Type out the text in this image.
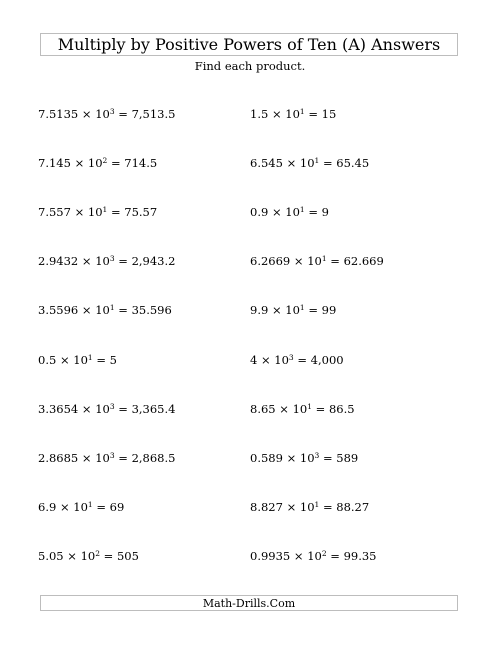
Multiply by Positive Powers of Ten (A) Answers
Find each product.
$7.5135 \times 10^3 = 7,513.5$
$7.145 \times 10^2 = 714.5$
$7.557 \times 10^1 = 75.57$
$2.9432 \times 10^3 = 2,943.2$
$3.5596 \times 10^1 = 35.596$
$0.5 \times 10^1 = 5$
$3.3654 \times 10^3 = 3,365.4$
$2.8685 \times 10^3 = 2,868.5$
$6.9 \times 10^1 = 69$
$5.05 \times 10^2 = 505$
$1.5 \times 10^1 = 15$
$6.545 \times 10^1 = 65.45$
$0.9 \times 10^1 = 9$
$6.2669 \times 10^1 = 62.669$
$9.9 \times 10^1 = 99$
$4 \times 10^3 = 4,000$
$8.65 \times 10^1 = 86.5$
$0.589 \times 10^3 = 589$
$8.827 \times 10^1 = 88.27$
$0.9935 \times 10^2 = 99.35$
Math-Drills.Com
